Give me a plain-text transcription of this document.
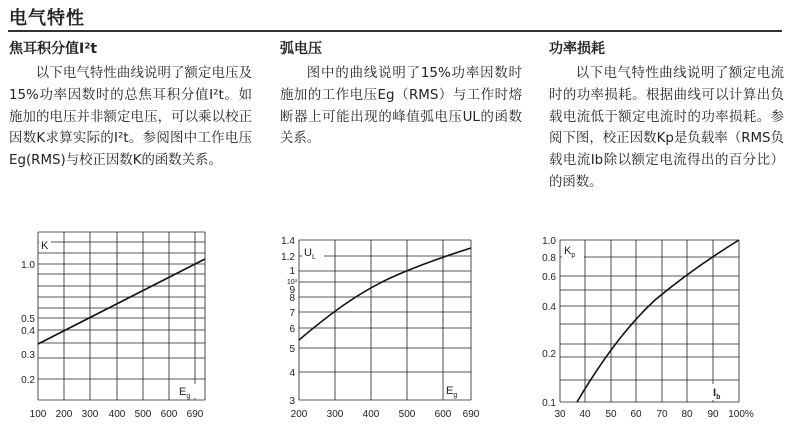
电气特性
焦耳积分值I²t

以下电气特性曲线说明了额定电压及15%功率因数时的总焦耳积分值I²t。如施加的电压并非额定电压，可以乘以校正因数K求算实际的I²t。参阅图中工作电压Eg(RMS)与校正因数K的函数关系。

弧电压

图中的曲线说明了15%功率因数时施加的工作电压Eg（RMS）与工作时熔断器上可能出现的峰值弧电压UL的函数关系。

功率损耗

以下电气特性曲线说明了额定电流时的功率损耗。根据曲线可以计算出负载电流低于额定电流时的功率损耗。参阅下图，校正因数Kp是负载率（RMS负载电流Ib除以额定电流得出的百分比）的函数。

K
$E_g$
1.0
0.5
0.4
0.3
0.2
100 200 300 400 500 600 690
$U_L$
$E_g$
1.4
1.2
1
10³
9
8
7
6
5
4
3
200 300 400 500 600 690
$K_p$
$I_b$
1.0
0.8
0.6
0.4
0.2
0.1
30 40 50 60 70 80 90 100%
